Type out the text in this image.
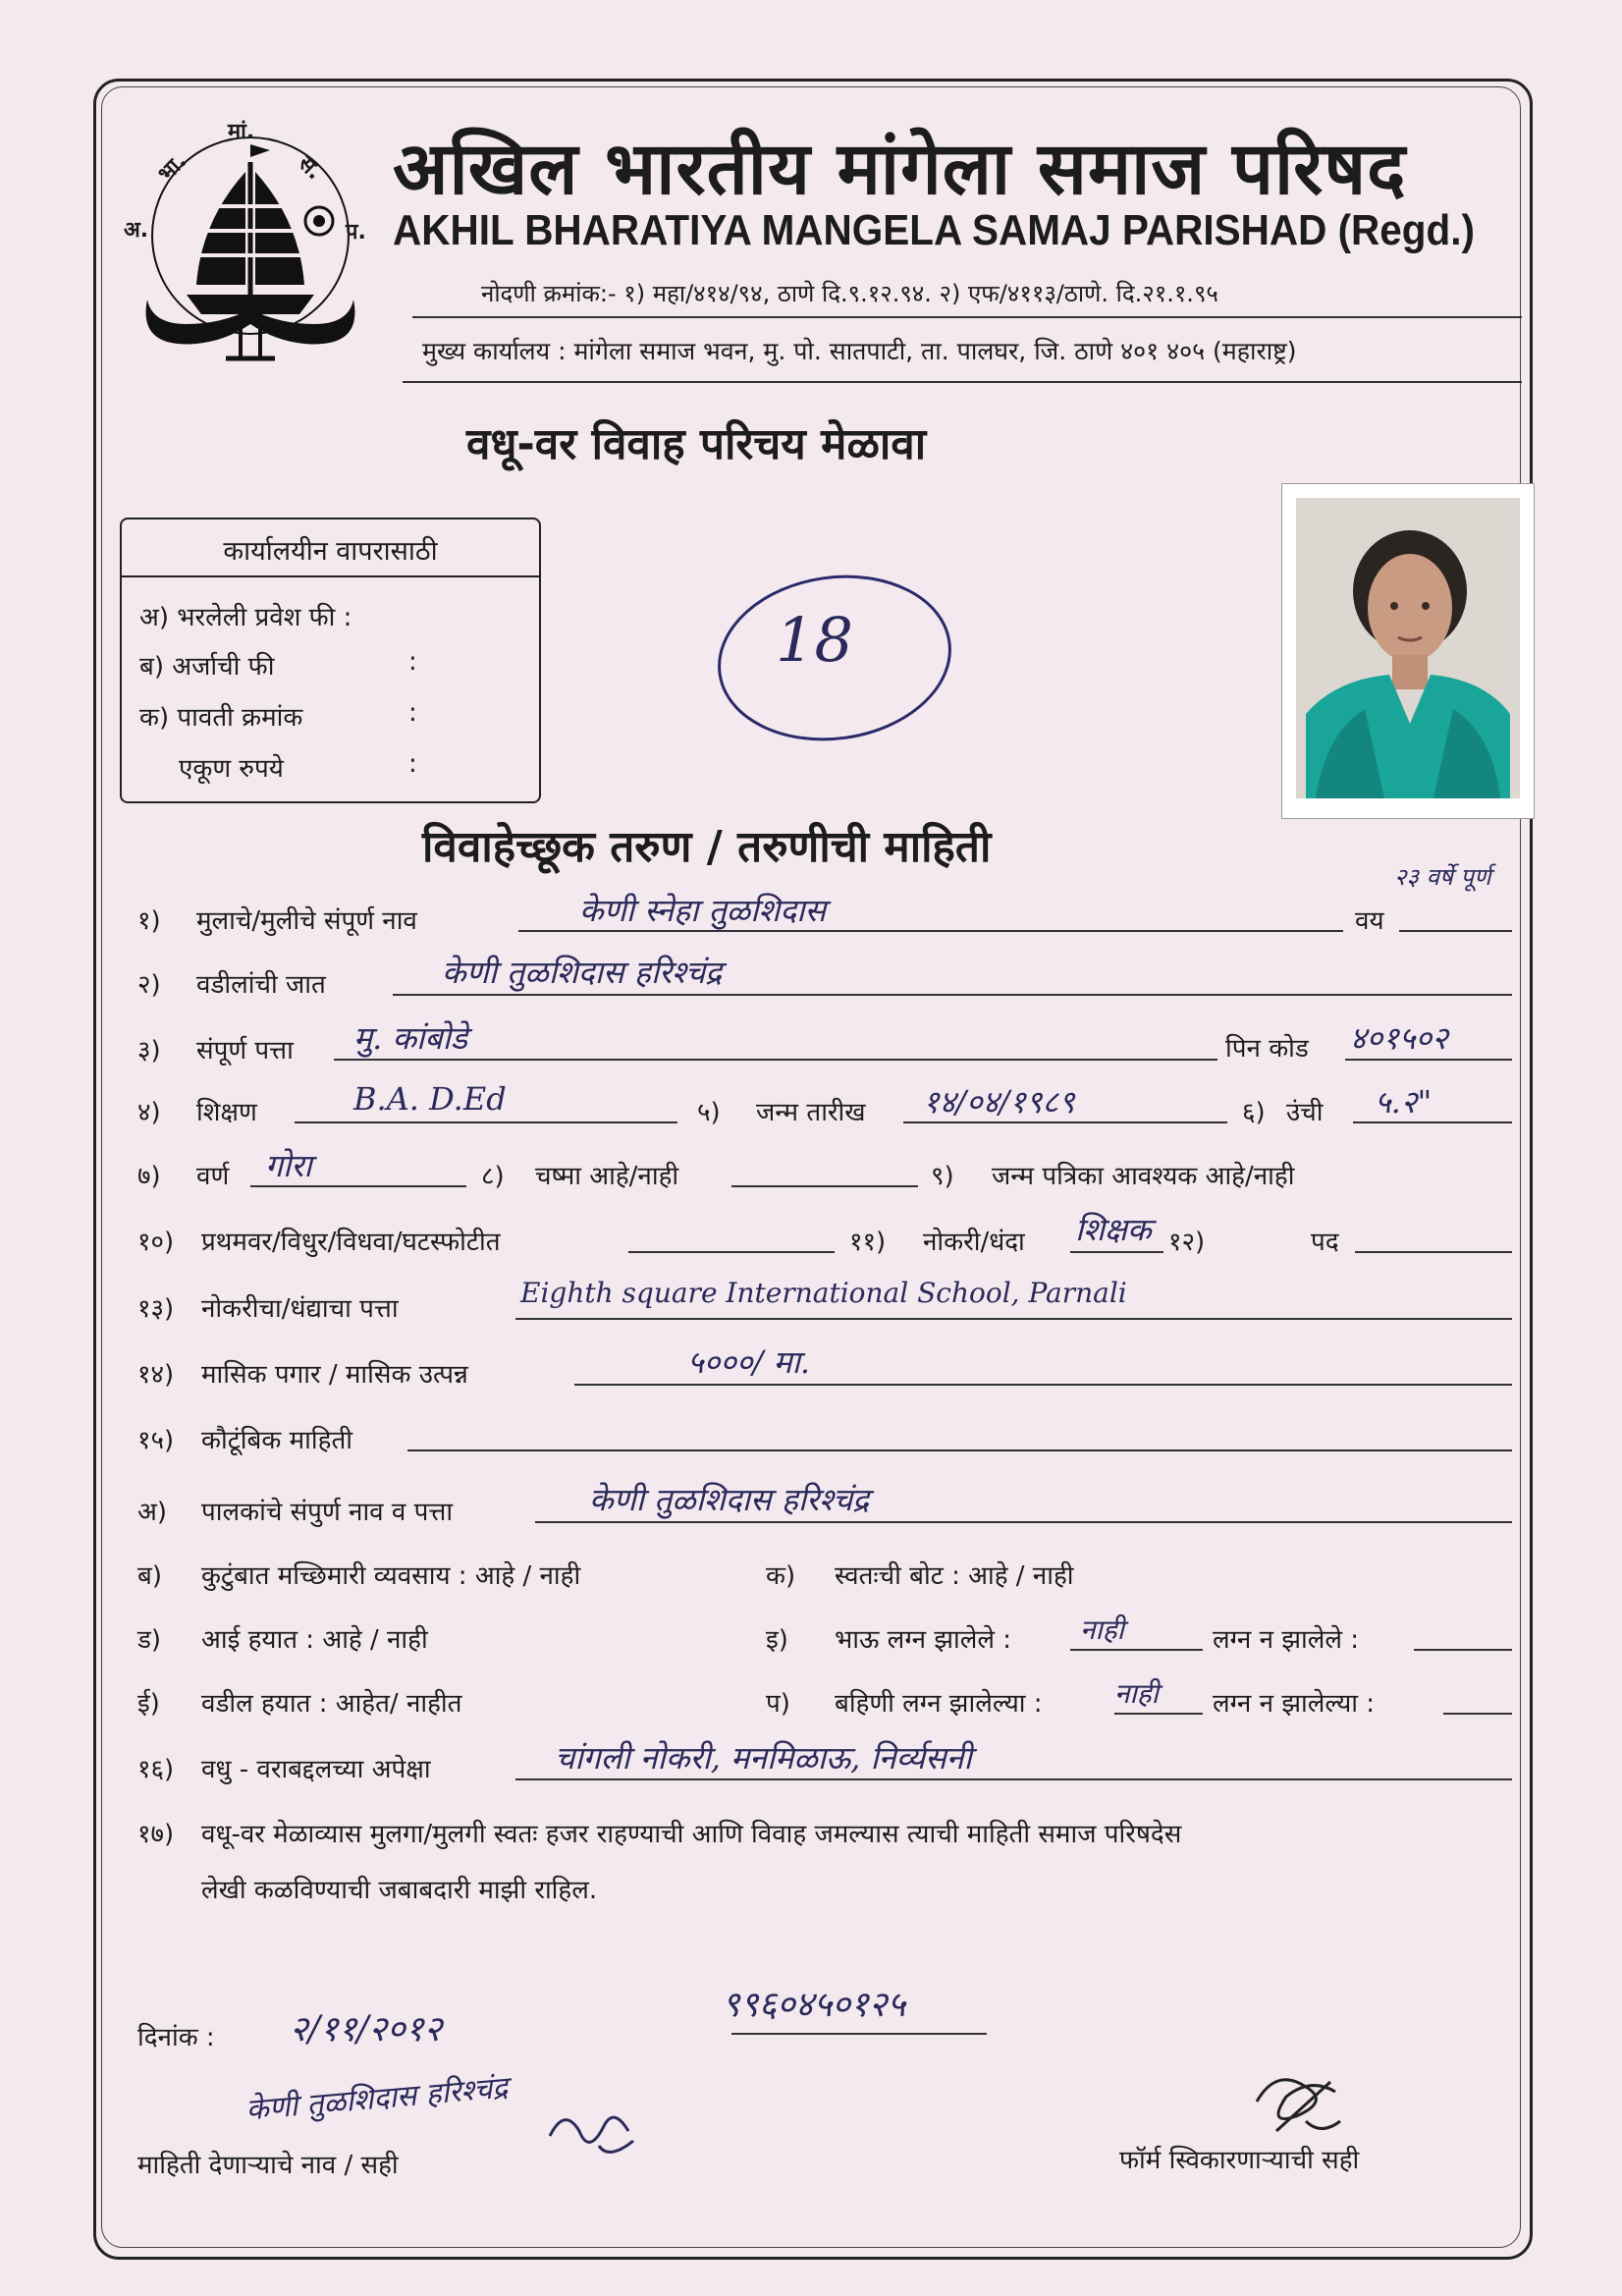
अ.
भा.
मां.
स.
प.
अखिल भारतीय मांगेला समाज परिषद
AKHIL BHARATIYA MANGELA SAMAJ PARISHAD (Regd.)
नोदणी क्रमांक:- १) महा/४१४/९४, ठाणे दि.९.१२.९४. २) एफ/४११३/ठाणे. दि.२१.१.९५
मुख्य कार्यालय : मांगेला समाज भवन, मु. पो. सातपाटी, ता. पालघर, जि. ठाणे ४०१ ४०५ (महाराष्ट्र)
वधू-वर विवाह परिचय मेळावा
कार्यालयीन वापरासाठी
अ) भरलेली प्रवेश फी :
ब) अर्जाची फी	:
क) पावती क्रमांक	:
एकूण रुपये	:
18
विवाहेच्छूक तरुण / तरुणीची माहिती
१) मुलाचे/मुलीचे संपूर्ण नाव	केणी स्नेहा तुळशिदास	वय
२३ वर्षे पूर्ण
२) वडीलांची जात	केणी तुळशिदास हरिश्चंद्र
३) संपूर्ण पत्ता मु. कांबोडे	पिन कोड ४०१५०२
४) शिक्षण	B.A. D.Ed	५) जन्म तारीख १४/०४/१९८९	६) उंची ५.२"
७) वर्ण गोरा	८) चष्मा आहे/नाही	९) जन्म पत्रिका आवश्यक आहे/नाही
१०) प्रथमवर/विधुर/विधवा/घटस्फोटीत	११) नोकरी/धंदा शिक्षक १२)	पद
१३) नोकरीचा/धंद्याचा पत्ता	Eighth square International School, Parnali
१४) मासिक पगार / मासिक उत्पन्न	५०००/ मा.
१५) कौटूंबिक माहिती
अ) पालकांचे संपुर्ण नाव व पत्ता	केणी तुळशिदास हरिश्चंद्र
ब) कुटुंबात मच्छिमारी व्यवसाय : आहे / नाही	क) स्वतःची बोट : आहे / नाही
ड) आई हयात : आहे / नाही	इ) भाऊ लग्न झालेले :	नाही	लग्न न झालेले :
ई) वडील हयात : आहेत/ नाहीत	प) बहिणी लग्न झालेल्या :	नाही लग्न न झालेल्या :
१६) वधु - वराबद्दलच्या अपेक्षा	चांगली नोकरी, मनमिळाऊ, निर्व्यसनी
१७) वधू-वर मेळाव्यास मुलगा/मुलगी स्वतः हजर राहण्याची आणि विवाह जमल्यास त्याची माहिती समाज परिषदेस
लेखी कळविण्याची जबाबदारी माझी राहिल.
९९६०४५०१२५
दिनांक : २/११/२०१२
केणी तुळशिदास हरिश्चंद्र
माहिती देणाऱ्याचे नाव / सही	फॉर्म स्विकारणाऱ्याची सही
